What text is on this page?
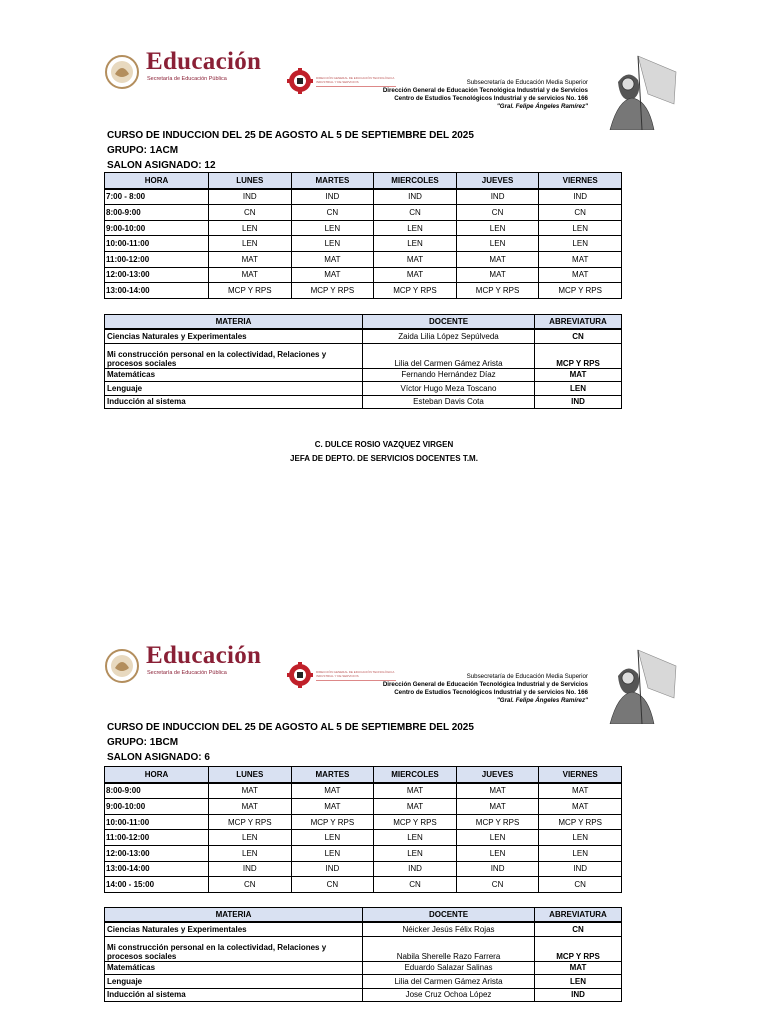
Educación
Secretaría de Educación Pública	DIRECCIÓN GENERAL DE EDUCACIÓN TECNOLÓGICA INDUSTRIAL Y DE SERVICIOS	Subsecretaría de Educación Media Superior
Dirección General de Educación Tecnológica Industrial y de Servicios
Centro de Estudios Tecnológicos Industrial y de servicios No. 166
"Gral. Felipe Ángeles Ramírez"
CURSO DE INDUCCION DEL 25 DE AGOSTO AL 5 DE SEPTIEMBRE DEL 2025
GRUPO: 1ACM
SALON ASIGNADO: 12
HORA	LUNES	MARTES	MIERCOLES	JUEVES	VIERNES
7:00 - 8:00	IND	IND	IND	IND	IND
8:00-9:00	CN	CN	CN	CN	CN
9:00-10:00	LEN	LEN	LEN	LEN	LEN
10:00-11:00	LEN	LEN	LEN	LEN	LEN
11:00-12:00	MAT	MAT	MAT	MAT	MAT
12:00-13:00	MAT	MAT	MAT	MAT	MAT
13:00-14:00	MCP Y RPS	MCP Y RPS	MCP Y RPS	MCP Y RPS	MCP Y RPS
MATERIA	DOCENTE	ABREVIATURA
Ciencias Naturales y Experimentales	Zaida Lilia López Sepúlveda	CN
Mi construcción personal en la colectividad, Relaciones y procesos sociales	Lilia del Carmen Gámez Arista	MCP Y RPS
Matemáticas	Fernando Hernández Díaz	MAT
Lenguaje	Víctor Hugo Meza Toscano	LEN
Inducción al sistema	Esteban Davis Cota	IND
C. DULCE ROSIO VAZQUEZ VIRGEN
JEFA DE DEPTO. DE SERVICIOS DOCENTES T.M.
Educación
Secretaría de Educación Pública	DIRECCIÓN GENERAL DE EDUCACIÓN TECNOLÓGICA INDUSTRIAL Y DE SERVICIOS	Subsecretaría de Educación Media Superior
Dirección General de Educación Tecnológica Industrial y de Servicios
Centro de Estudios Tecnológicos Industrial y de servicios No. 166
"Gral. Felipe Ángeles Ramírez"
CURSO DE INDUCCION DEL 25 DE AGOSTO AL 5 DE SEPTIEMBRE DEL 2025
GRUPO: 1BCM
SALON ASIGNADO: 6
HORA	LUNES	MARTES	MIERCOLES	JUEVES	VIERNES
8:00-9:00	MAT	MAT	MAT	MAT	MAT
9:00-10:00	MAT	MAT	MAT	MAT	MAT
10:00-11:00	MCP Y RPS	MCP Y RPS	MCP Y RPS	MCP Y RPS	MCP Y RPS
11:00-12:00	LEN	LEN	LEN	LEN	LEN
12:00-13:00	LEN	LEN	LEN	LEN	LEN
13:00-14:00	IND	IND	IND	IND	IND
14:00 - 15:00	CN	CN	CN	CN	CN
MATERIA	DOCENTE	ABREVIATURA
Ciencias Naturales y Experimentales	Néicker Jesús Félix Rojas	CN
Mi construcción personal en la colectividad, Relaciones y procesos sociales	Nabila Sherelle Razo Farrera	MCP Y RPS
Matemáticas	Eduardo Salazar Salinas	MAT
Lenguaje	Lilia del Carmen Gámez Arista	LEN
Inducción al sistema	Jose Cruz Ochoa López	IND
